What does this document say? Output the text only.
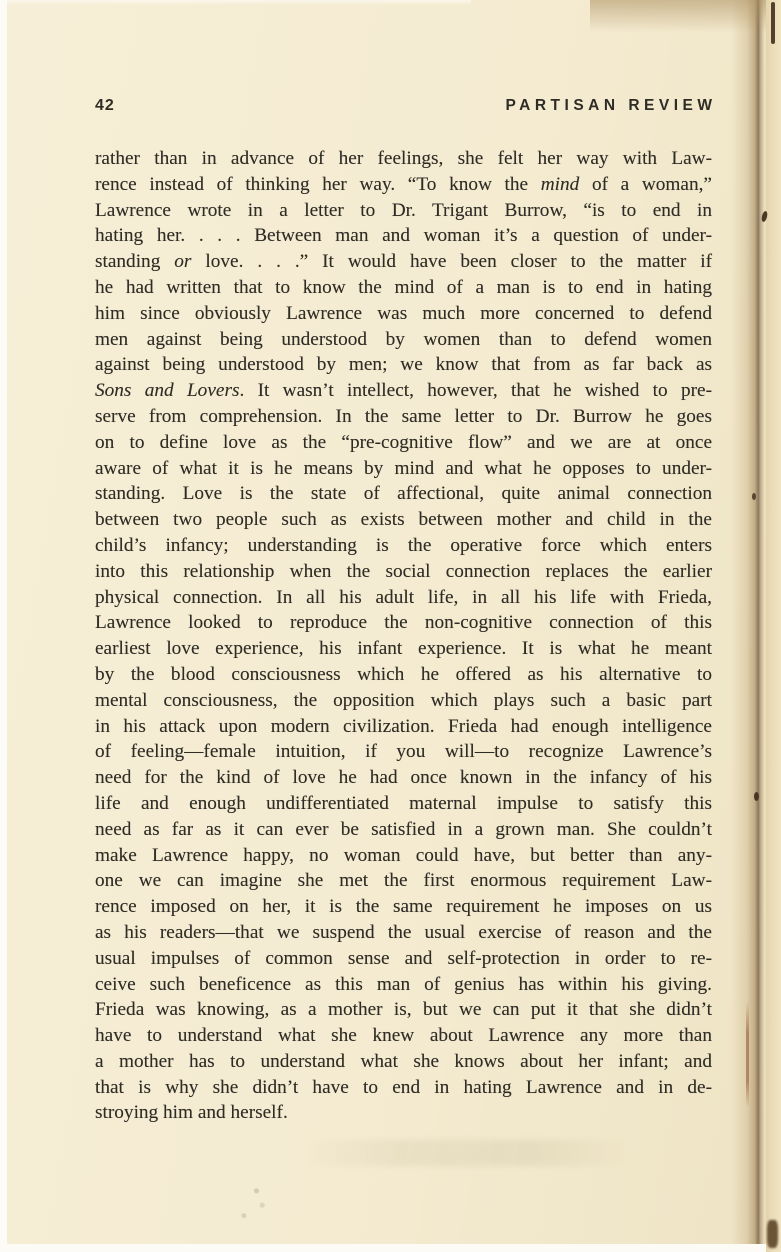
42	PARTISAN REVIEW
rather than in advance of her feelings, she felt her way with Law-
rence instead of thinking her way. “To know the mind of a woman,”
Lawrence wrote in a letter to Dr. Trigant Burrow, “is to end in
hating her. . . . Between man and woman it’s a question of under-
standing or love. . . .” It would have been closer to the matter if
he had written that to know the mind of a man is to end in hating
him since obviously Lawrence was much more concerned to defend
men against being understood by women than to defend women
against being understood by men; we know that from as far back as
Sons and Lovers. It wasn’t intellect, however, that he wished to pre-
serve from comprehension. In the same letter to Dr. Burrow he goes
on to define love as the “pre-cognitive flow” and we are at once
aware of what it is he means by mind and what he opposes to under-
standing. Love is the state of affectional, quite animal connection
between two people such as exists between mother and child in the
child’s infancy; understanding is the operative force which enters
into this relationship when the social connection replaces the earlier
physical connection. In all his adult life, in all his life with Frieda,
Lawrence looked to reproduce the non-cognitive connection of this
earliest love experience, his infant experience. It is what he meant
by the blood consciousness which he offered as his alternative to
mental consciousness, the opposition which plays such a basic part
in his attack upon modern civilization. Frieda had enough intelligence
of feeling—female intuition, if you will—to recognize Lawrence’s
need for the kind of love he had once known in the infancy of his
life and enough undifferentiated maternal impulse to satisfy this
need as far as it can ever be satisfied in a grown man. She couldn’t
make Lawrence happy, no woman could have, but better than any-
one we can imagine she met the first enormous requirement Law-
rence imposed on her, it is the same requirement he imposes on us
as his readers—that we suspend the usual exercise of reason and the
usual impulses of common sense and self-protection in order to re-
ceive such beneficence as this man of genius has within his giving.
Frieda was knowing, as a mother is, but we can put it that she didn’t
have to understand what she knew about Lawrence any more than
a mother has to understand what she knows about her infant; and
that is why she didn’t have to end in hating Lawrence and in de-
stroying him and herself.
